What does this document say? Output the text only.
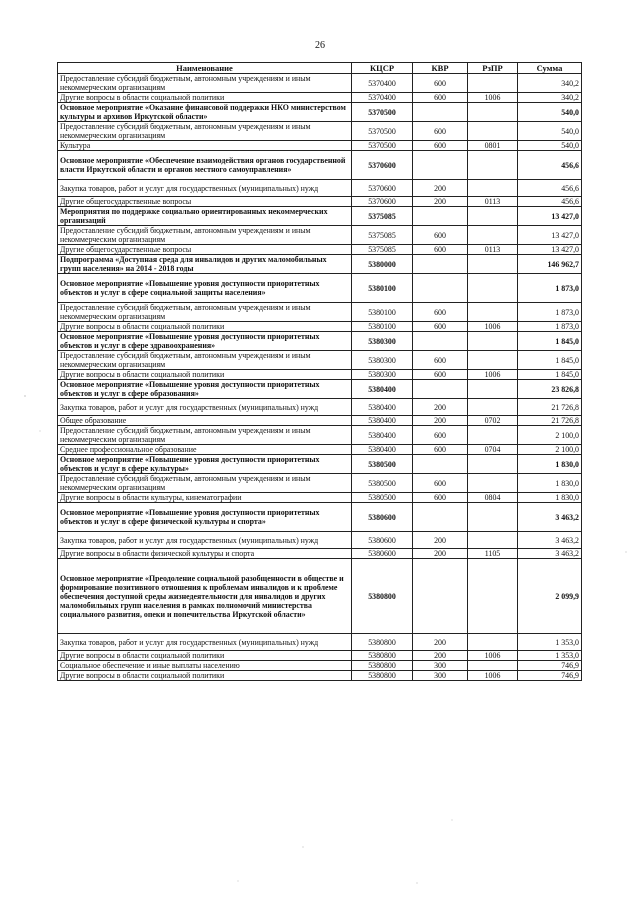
26
Наименование	КЦСР	КВР	РзПР	Сумма
Предоставление субсидий бюджетным, автономным учреждениям и иным некоммерческим организациям	5370400	600		340,2
Другие вопросы в области социальной политики	5370400	600	1006	340,2
Основное мероприятие «Оказание финансовой поддержки НКО министерством культуры и архивов Иркутской области»	5370500			540,0
Предоставление субсидий бюджетным, автономным учреждениям и иным некоммерческим организациям	5370500	600		540,0
Культура	5370500	600	0801	540,0
Основное мероприятие «Обеспечение взаимодействия органов государственной власти Иркутской области и органов местного самоуправления»	5370600			456,6
Закупка товаров, работ и услуг для государственных (муниципальных) нужд	5370600	200		456,6
Другие общегосударственные вопросы	5370600	200	0113	456,6
Мероприятия по поддержке социально ориентированных некоммерческих организаций	5375085			13 427,0
Предоставление субсидий бюджетным, автономным учреждениям и иным некоммерческим организациям	5375085	600		13 427,0
Другие общегосударственные вопросы	5375085	600	0113	13 427,0
Подпрограмма «Доступная среда для инвалидов и других маломобильных групп населения» на 2014 - 2018 годы	5380000			146 962,7
Основное мероприятие «Повышение уровня доступности приоритетных объектов и услуг в сфере социальной защиты населения»	5380100			1 873,0
Предоставление субсидий бюджетным, автономным учреждениям и иным некоммерческим организациям	5380100	600		1 873,0
Другие вопросы в области социальной политики	5380100	600	1006	1 873,0
Основное мероприятие «Повышение уровня доступности приоритетных объектов и услуг в сфере здравоохранения»	5380300			1 845,0
Предоставление субсидий бюджетным, автономным учреждениям и иным некоммерческим организациям	5380300	600		1 845,0
Другие вопросы в области социальной политики	5380300	600	1006	1 845,0
Основное мероприятие «Повышение уровня доступности приоритетных объектов и услуг в сфере образования»	5380400			23 826,8
Закупка товаров, работ и услуг для государственных (муниципальных) нужд	5380400	200		21 726,8
Общее образование	5380400	200	0702	21 726,8
Предоставление субсидий бюджетным, автономным учреждениям и иным некоммерческим организациям	5380400	600		2 100,0
Среднее профессиональное образование	5380400	600	0704	2 100,0
Основное мероприятие «Повышение уровня доступности приоритетных объектов и услуг в сфере культуры»	5380500			1 830,0
Предоставление субсидий бюджетным, автономным учреждениям и иным некоммерческим организациям	5380500	600		1 830,0
Другие вопросы в области культуры, кинематографии	5380500	600	0804	1 830,0
Основное мероприятие «Повышение уровня доступности приоритетных объектов и услуг в сфере физической культуры и спорта»	5380600			3 463,2
Закупка товаров, работ и услуг для государственных (муниципальных) нужд	5380600	200		3 463,2
Другие вопросы в области физической культуры и спорта	5380600	200	1105	3 463,2
Основное мероприятие «Преодоление социальной разобщенности в обществе и формирование позитивного отношения к проблемам инвалидов и к проблеме обеспечения доступной среды жизнедеятельности для инвалидов и других маломобильных групп населения в рамках полномочий министерства социального развития, опеки и попечительства Иркутской области»	5380800			2 099,9
Закупка товаров, работ и услуг для государственных (муниципальных) нужд	5380800	200		1 353,0
Другие вопросы в области социальной политики	5380800	200	1006	1 353,0
Социальное обеспечение и иные выплаты населению	5380800	300		746,9
Другие вопросы в области социальной политики	5380800	300	1006	746,9
